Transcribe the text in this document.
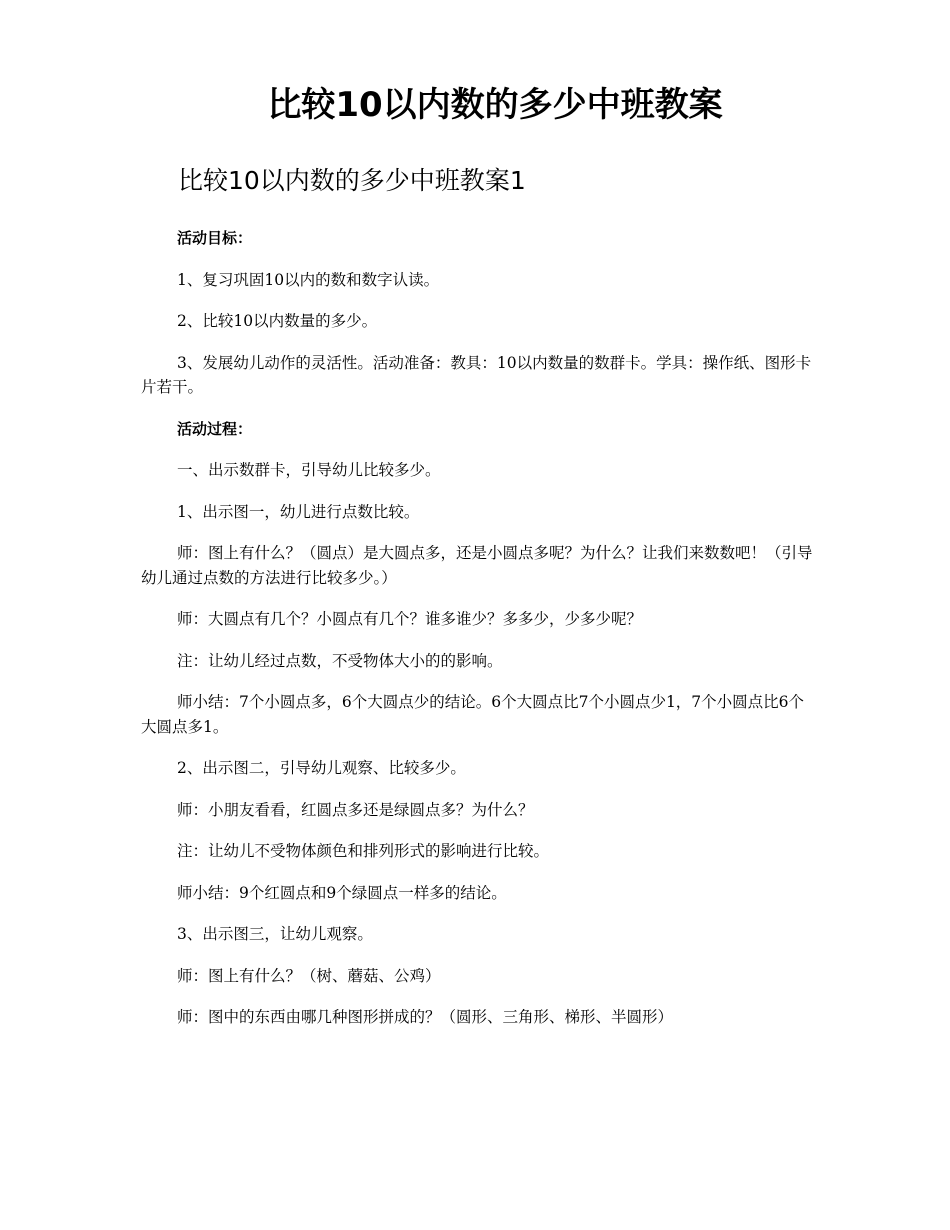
比较10以内数的多少中班教案
比较10以内数的多少中班教案1

活动目标：

1、复习巩固10以内的数和数字认读。

2、比较10以内数量的多少。

3、发展幼儿动作的灵活性。活动准备：教具：10以内数量的数群卡。学具：操作纸、图形卡片若干。

活动过程：

一、出示数群卡，引导幼儿比较多少。

1、出示图一，幼儿进行点数比较。

师：图上有什么？（圆点）是大圆点多，还是小圆点多呢？为什么？让我们来数数吧！（引导幼儿通过点数的方法进行比较多少。）

师：大圆点有几个？小圆点有几个？谁多谁少？多多少，少多少呢？

注：让幼儿经过点数，不受物体大小的的影响。

师小结：7个小圆点多，6个大圆点少的结论。6个大圆点比7个小圆点少1，7个小圆点比6个大圆点多1。

2、出示图二，引导幼儿观察、比较多少。

师：小朋友看看，红圆点多还是绿圆点多？为什么？

注：让幼儿不受物体颜色和排列形式的影响进行比较。

师小结：9个红圆点和9个绿圆点一样多的结论。

3、出示图三，让幼儿观察。

师：图上有什么？（树、蘑菇、公鸡）

师：图中的东西由哪几种图形拼成的？（圆形、三角形、梯形、半圆形）
